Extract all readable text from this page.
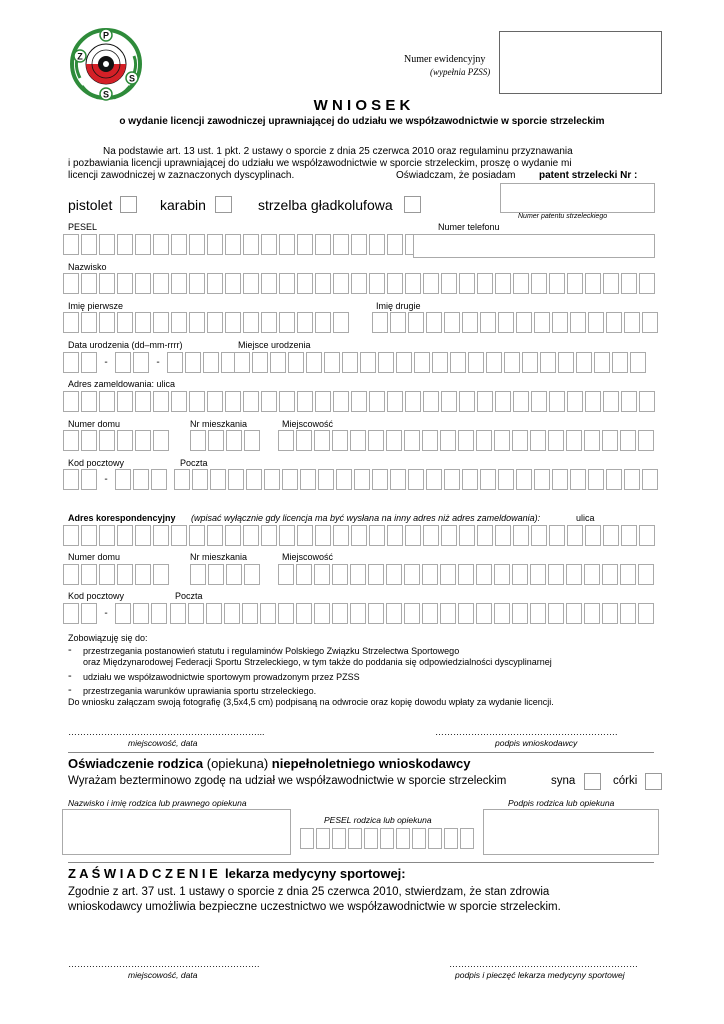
P
Z
S
S
Numer ewidencyjny
(wypełnia PZSS)
W N I O S E K
o wydanie licencji zawodniczej uprawniającej do udziału we współzawodnictwie w sporcie strzeleckim
Na podstawie art. 13 ust. 1 pkt. 2 ustawy o sporcie z dnia 25 czerwca 2010 oraz regulaminu przyznawania
i pozbawiania licencji uprawniającej do udziału we współzawodnictwie w sporcie strzeleckim, proszę o wydanie mi
licencji zawodniczej w zaznaczonych dyscyplinach.	Oświadczam, że posiadam patent strzelecki Nr :
pistolet	karabin	strzelba gładkolufowa
Numer patentu strzeleckiego
PESEL	Numer telefonu
Nazwisko
Imię pierwsze	Imię drugie
Data urodzenia (dd–mm-rrrr)	Miejsce urodzenia
-	-
Adres zameldowania: ulica
Numer domu	Nr mieszkania	Miejscowość
Kod pocztowy	Poczta
-
Adres korespondencyjny (wpisać wyłącznie gdy licencja ma być wysłana na inny adres niż adres zameldowania):	ulica
Numer domu	Nr mieszkania	Miejscowość
Kod pocztowy	Poczta
-
Zobowiązuję się do:
- przestrzegania postanowień statutu i regulaminów Polskiego Związku Strzelectwa Sportowego
oraz Międzynarodowej Federacji Sportu Strzeleckiego, w tym także do poddania się odpowiedzialności dyscyplinarnej
- udziału we współzawodnictwie sportowym prowadzonym przez PZSS
- przestrzegania warunków uprawiania sportu strzeleckiego.
Do wniosku załączam swoją fotografię (3,5x4,5 cm) podpisaną na odwrocie oraz kopię dowodu wpłaty za wydanie licencji.
………………………………………………………...	…………………………………………………….
miejscowość, data	podpis wnioskodawcy
Oświadczenie rodzica (opiekuna) niepełnoletniego wnioskodawcy
Wyrażam bezterminowo zgodę na udział we współzawodnictwie w sporcie strzeleckim	syna	córki
Nazwisko i imię rodzica lub prawnego opiekuna	Podpis rodzica lub opiekuna
PESEL rodzica lub opiekuna
Z A Ś W I A D C Z E N I E lekarza medycyny sportowej:
Zgodnie z art. 37 ust. 1 ustawy o sporcie z dnia 25 czerwca 2010, stwierdzam, że stan zdrowia
wnioskodawcy umożliwia bezpieczne uczestnictwo we współzawodnictwie w sporcie strzeleckim.
……………………………………………………….	………………………………………………………
miejscowość, data	podpis i pieczęć lekarza medycyny sportowej
